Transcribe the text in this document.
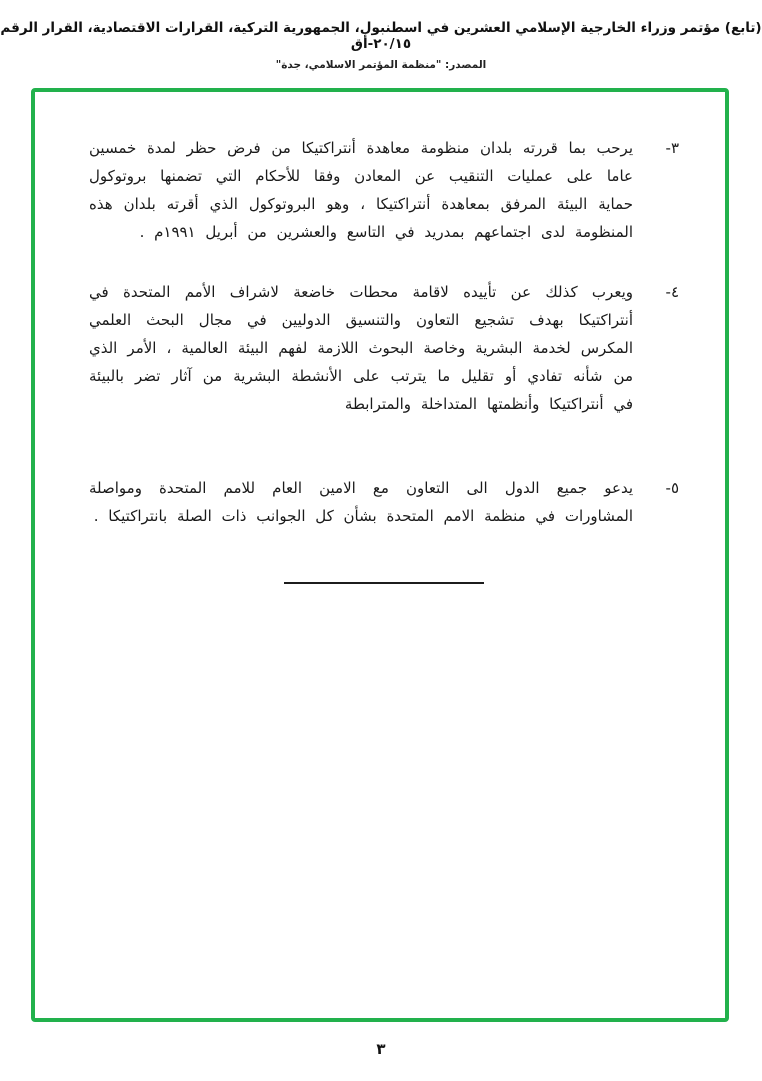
(تابع) مؤتمر وزراء الخارجية الإسلامي العشرين في اسطنبول، الجمهورية التركية، القرارات الاقتصادية، القرار الرقم ٢٠/١٥-أق
المصدر: "منظمة المؤتمر الاسلامي، جدة"
٣-

يرحب بما قررته بلدان منظومة معاهدة أنتراكتيكا من فرض حظر لمدة خمسين عاما على عمليات التنقيب عن المعادن وفقا للأحكام التي تضمنها بروتوكول حماية البيئة المرفق بمعاهدة أنتراكتيكا ، وهو البروتوكول الذي أقرته بلدان هذه المنظومة لدى اجتماعهم بمدريد في التاسع والعشرين من أبريل ١٩٩١م .

٤-

ويعرب كذلك عن تأييده لاقامة محطات خاضعة لاشراف الأمم المتحدة في أنتراكتيكا بهدف تشجيع التعاون والتنسيق الدوليين في مجال البحث العلمي المكرس لخدمة البشرية وخاصة البحوث اللازمة لفهم البيئة العالمية ، الأمر الذي من شأنه تفادي أو تقليل ما يترتب على الأنشطة البشرية من آثار تضر بالبيئة في أنتراكتيكا وأنظمتها المتداخلة والمترابطة

٥-

يدعو جميع الدول الى التعاون مع الامين العام للامم المتحدة ومواصلة المشاورات في منظمة الامم المتحدة بشأن كل الجوانب ذات الصلة بانتراكتيكا .

٣
